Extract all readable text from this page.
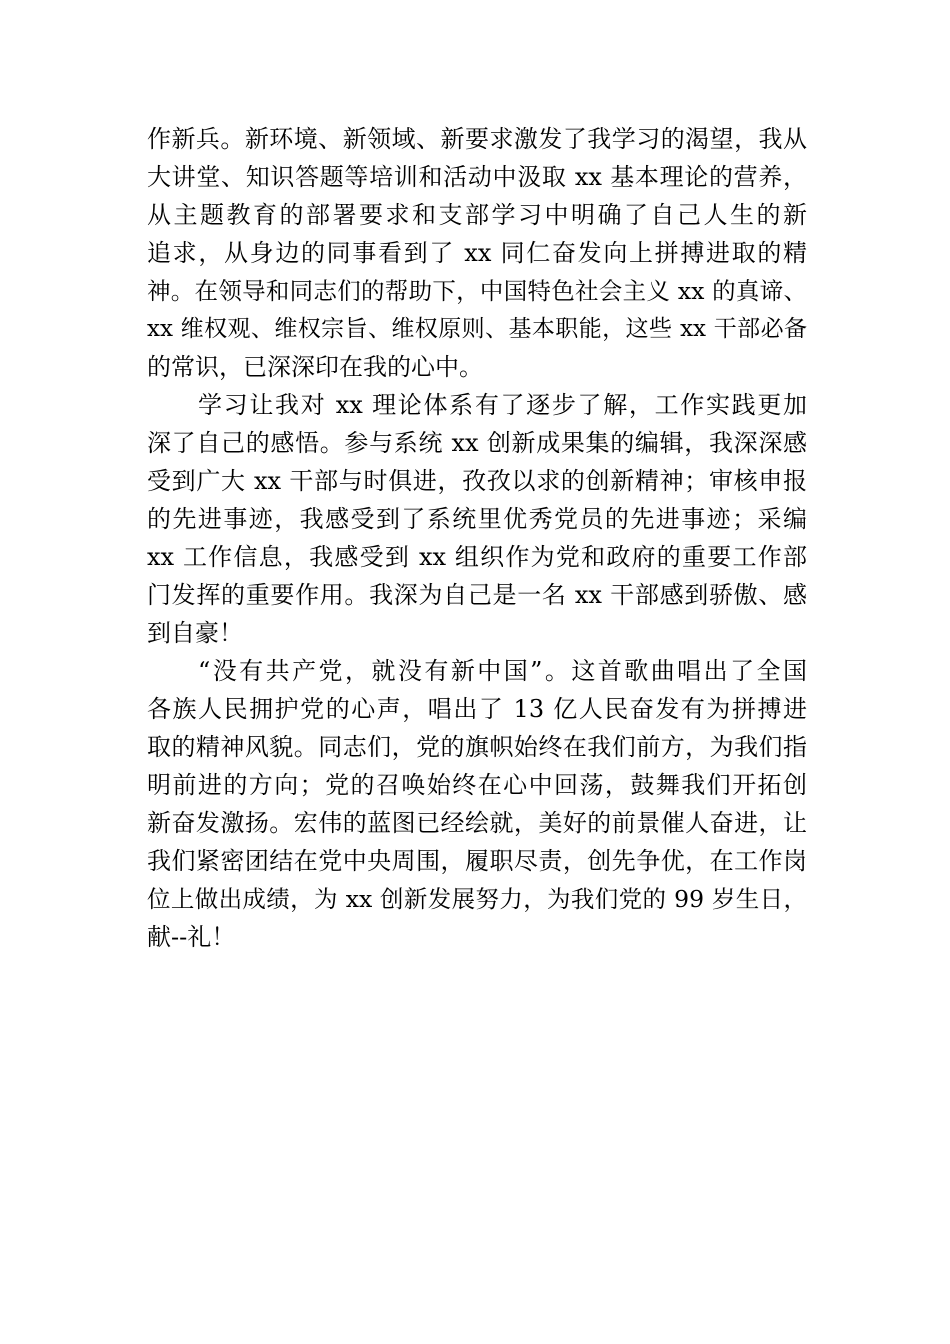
作新兵。新环境、新领域、新要求激发了我学习的渴望，我从
大讲堂、知识答题等培训和活动中汲取 xx 基本理论的营养，
从主题教育的部署要求和支部学习中明确了自己人生的新
追求，从身边的同事看到了 xx 同仁奋发向上拼搏进取的精
神。在领导和同志们的帮助下，中国特色社会主义 xx 的真谛、
xx 维权观、维权宗旨、维权原则、基本职能，这些 xx 干部必备
的常识，已深深印在我的心中。
学习让我对 xx 理论体系有了逐步了解，工作实践更加
深了自己的感悟。参与系统 xx 创新成果集的编辑，我深深感
受到广大 xx 干部与时俱进，孜孜以求的创新精神；审核申报
的先进事迹，我感受到了系统里优秀党员的先进事迹；采编
xx 工作信息，我感受到 xx 组织作为党和政府的重要工作部
门发挥的重要作用。我深为自己是一名 xx 干部感到骄傲、感
到自豪！
“没有共产党，就没有新中国”。这首歌曲唱出了全国
各族人民拥护党的心声，唱出了 13 亿人民奋发有为拼搏进
取的精神风貌。同志们，党的旗帜始终在我们前方，为我们指
明前进的方向；党的召唤始终在心中回荡，鼓舞我们开拓创
新奋发激扬。宏伟的蓝图已经绘就，美好的前景催人奋进，让
我们紧密团结在党中央周围，履职尽责，创先争优，在工作岗
位上做出成绩，为 xx 创新发展努力，为我们党的 99 岁生日，
献--礼！
